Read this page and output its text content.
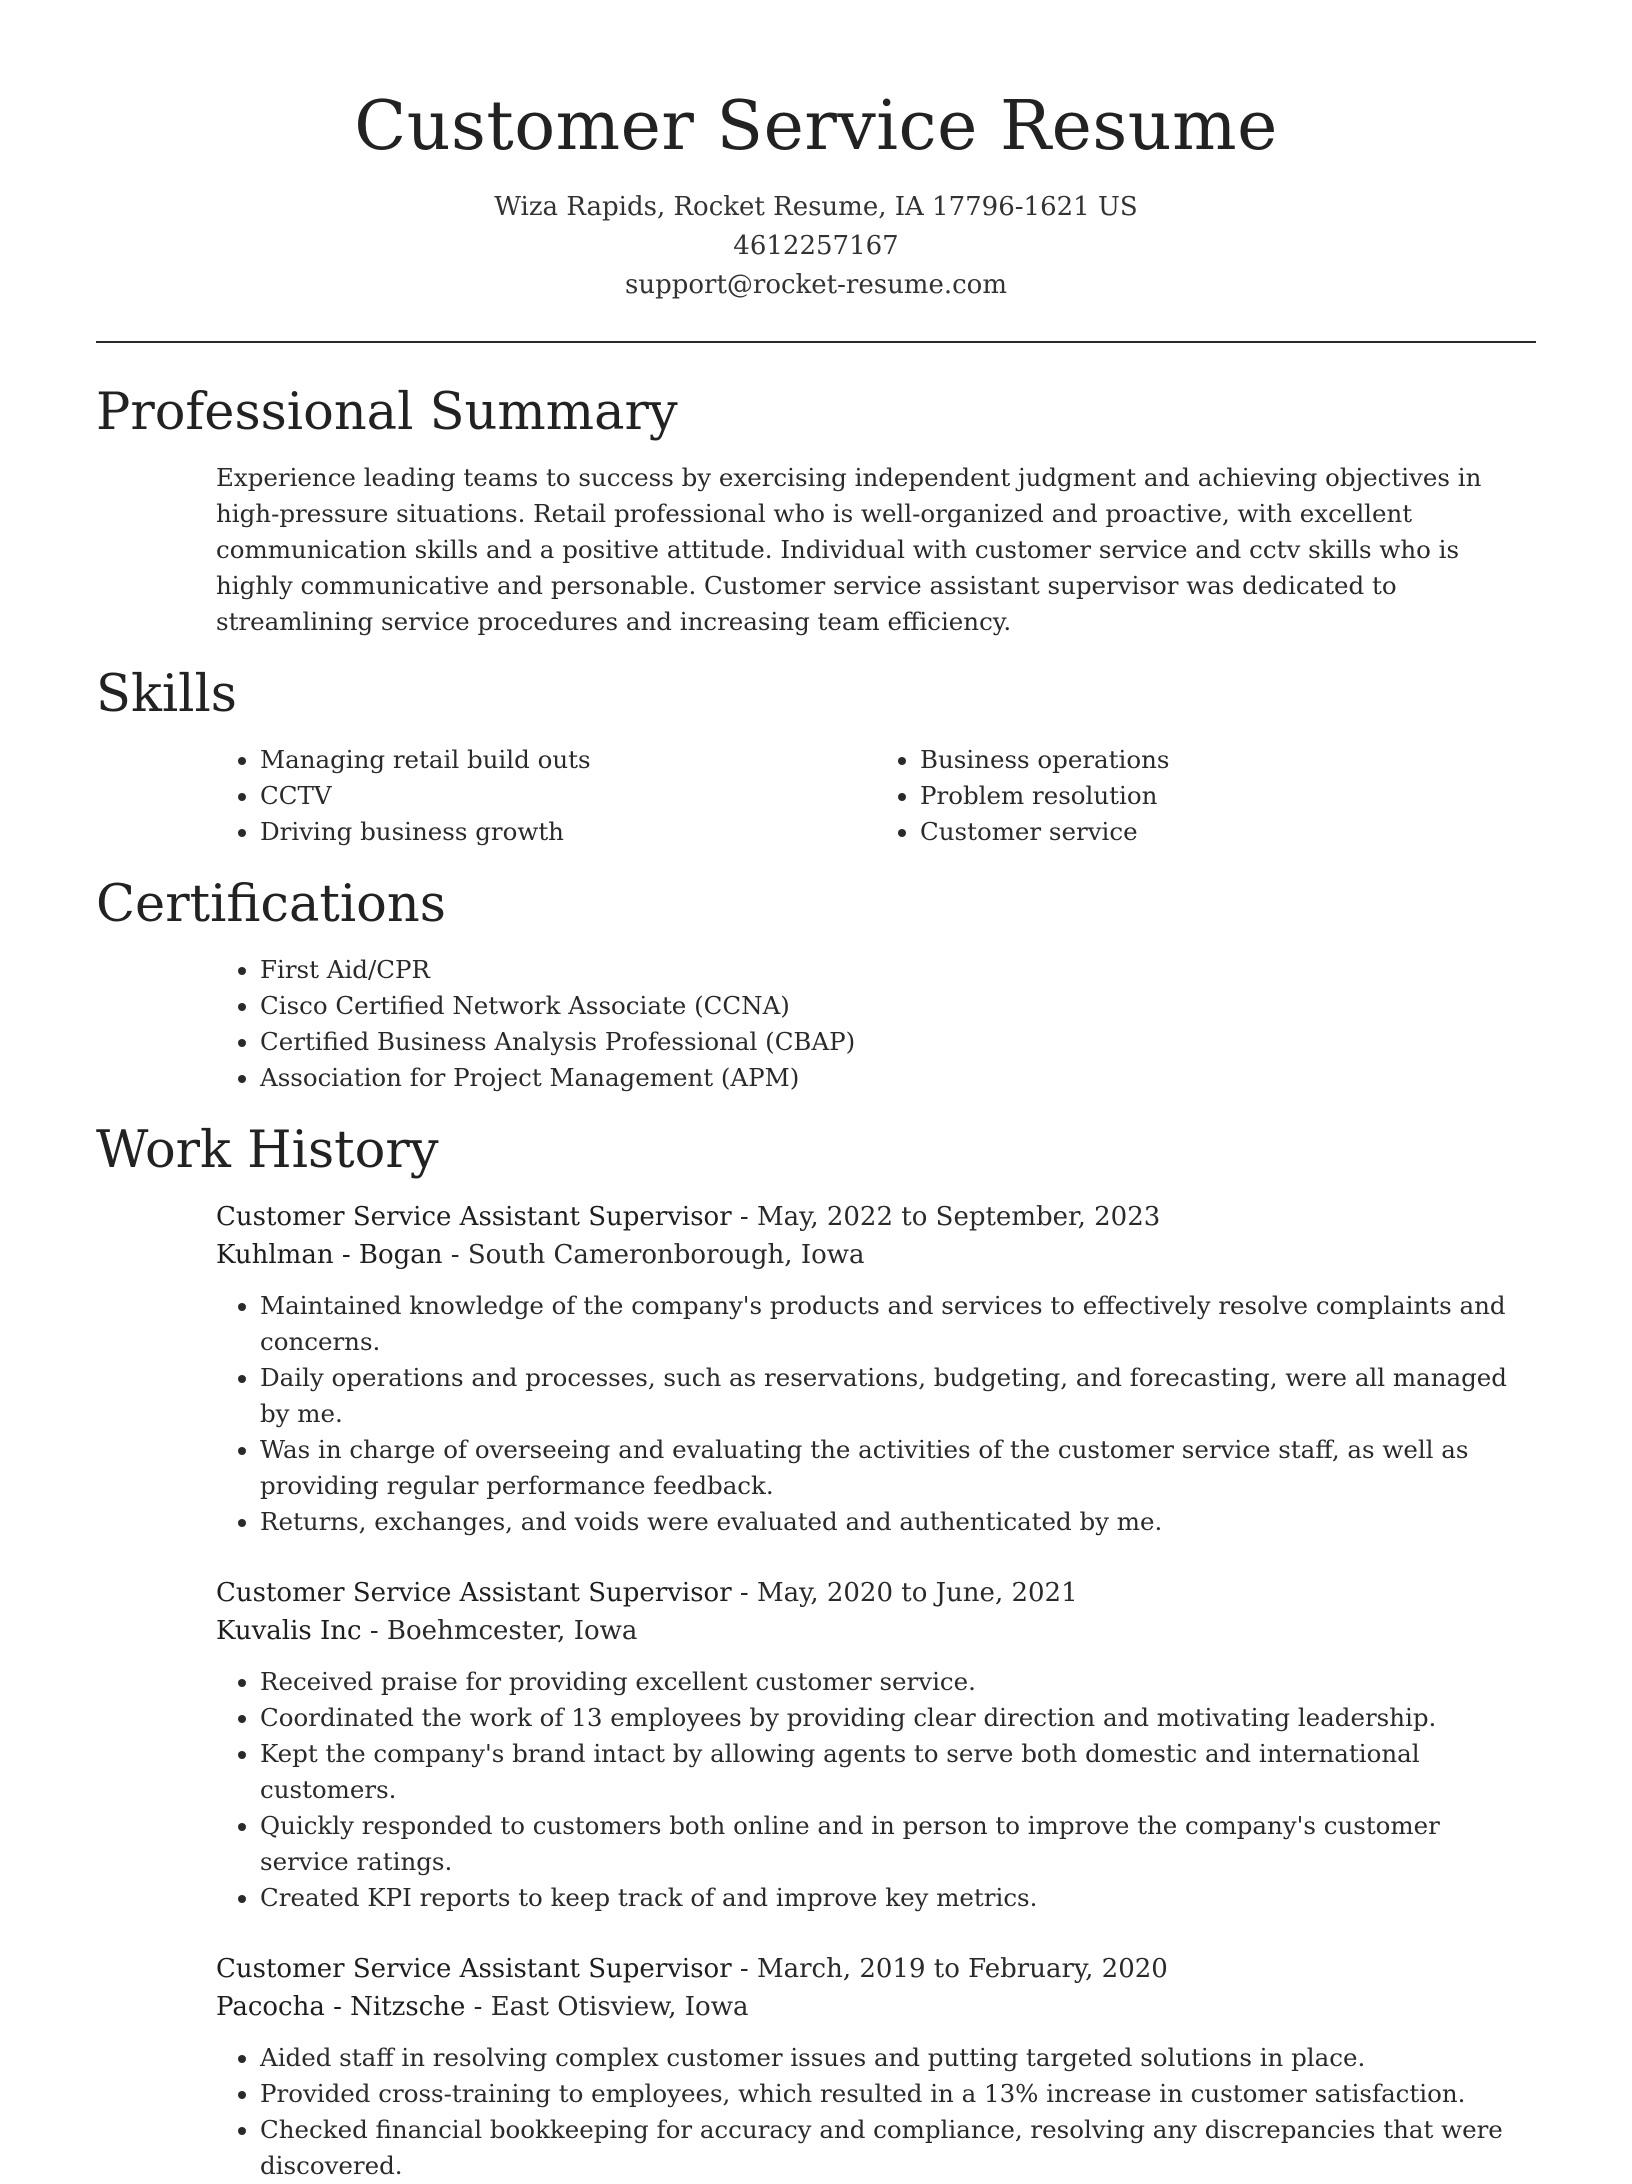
Customer Service Resume
Wiza Rapids, Rocket Resume, IA 17796-1621 US
4612257167
support@rocket-resume.com
Professional Summary

Experience leading teams to success by exercising independent judgment and achieving objectives in high-pressure situations. Retail professional who is well-organized and proactive, with excellent communication skills and a positive attitude. Individual with customer service and cctv skills who is highly communicative and personable. Customer service assistant supervisor was dedicated to streamlining service procedures and increasing team efficiency.

Skills
• Managing retail build outs
• CCTV
• Driving business growth
• Business operations
• Problem resolution
• Customer service
Certifications
• First Aid/CPR
• Cisco Certified Network Associate (CCNA)
• Certified Business Analysis Professional (CBAP)
• Association for Project Management (APM)
Work History
Customer Service Assistant Supervisor - May, 2022 to September, 2023
Kuhlman - Bogan - South Cameronborough, Iowa
• Maintained knowledge of the company's products and services to effectively resolve complaints and concerns.
• Daily operations and processes, such as reservations, budgeting, and forecasting, were all managed by me.
• Was in charge of overseeing and evaluating the activities of the customer service staff, as well as providing regular performance feedback.
• Returns, exchanges, and voids were evaluated and authenticated by me.
Customer Service Assistant Supervisor - May, 2020 to June, 2021
Kuvalis Inc - Boehmcester, Iowa
• Received praise for providing excellent customer service.
• Coordinated the work of 13 employees by providing clear direction and motivating leadership.
• Kept the company's brand intact by allowing agents to serve both domestic and international customers.
• Quickly responded to customers both online and in person to improve the company's customer service ratings.
• Created KPI reports to keep track of and improve key metrics.
Customer Service Assistant Supervisor - March, 2019 to February, 2020
Pacocha - Nitzsche - East Otisview, Iowa
• Aided staff in resolving complex customer issues and putting targeted solutions in place.
• Provided cross-training to employees, which resulted in a 13% increase in customer satisfaction.
• Checked financial bookkeeping for accuracy and compliance, resolving any discrepancies that were discovered.
